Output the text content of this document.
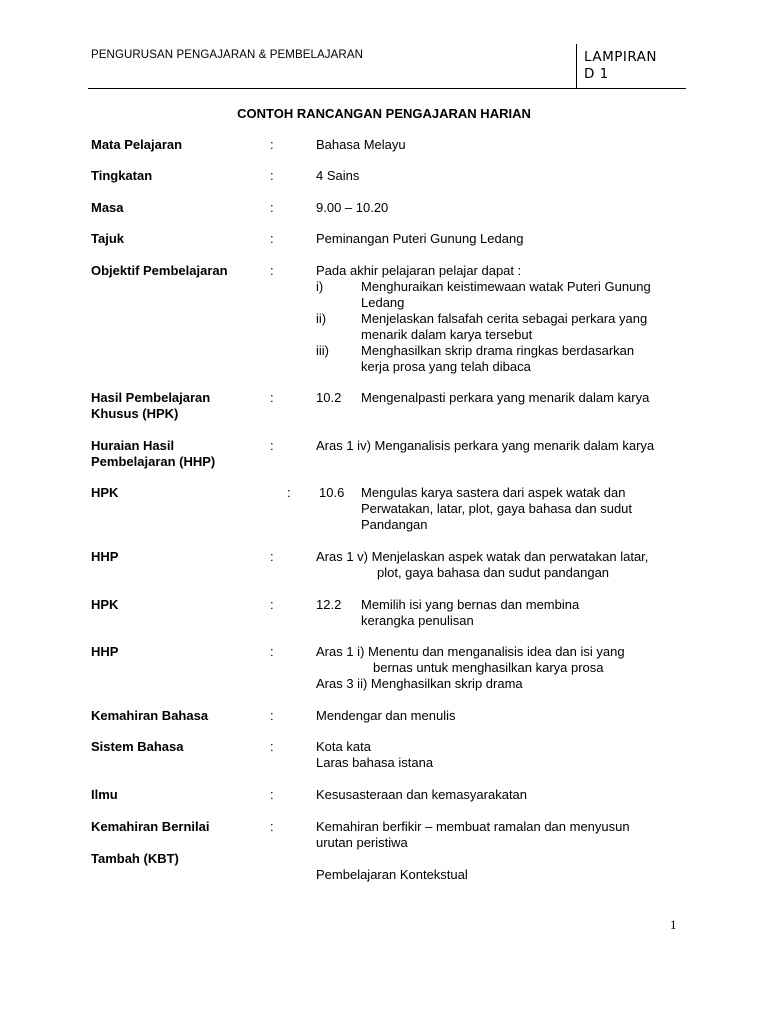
PENGURUSAN PENGAJARAN & PEMBELAJARAN	LAMPIRAN
D 1
CONTOH RANCANGAN PENGAJARAN HARIAN
Mata Pelajaran	:	Bahasa Melayu
Tingkatan	:	4 Sains
Masa	:	9.00 – 10.20
Tajuk	:	Peminangan Puteri Gunung Ledang
Objektif Pembelajaran	:	Pada akhir pelajaran pelajar dapat :
i)	Menghuraikan keistimewaan watak Puteri Gunung
Ledang
ii)	Menjelaskan falsafah cerita sebagai perkara yang
menarik dalam karya tersebut
iii) Menghasilkan skrip drama ringkas berdasarkan
kerja prosa yang telah dibaca
Hasil Pembelajaran
Khusus (HPK)
:	10.2 Mengenalpasti perkara yang menarik dalam karya
Huraian Hasil
Pembelajaran (HHP)
:	Aras 1 iv) Menganalisis perkara yang menarik dalam karya
HPK	: 10.6 Mengulas karya sastera dari aspek watak dan
Perwatakan, latar, plot, gaya bahasa dan sudut
Pandangan
HHP	:	Aras 1 v) Menjelaskan aspek watak dan perwatakan latar,
plot, gaya bahasa dan sudut pandangan
HPK	:	12.2 Memilih isi yang bernas dan membina
kerangka penulisan
HHP	:	Aras 1 i) Menentu dan menganalisis idea dan isi yang
bernas untuk menghasilkan karya prosa
Aras 3 ii) Menghasilkan skrip drama
Kemahiran Bahasa	:	Mendengar dan menulis
Sistem Bahasa	:	Kota kata
Laras bahasa istana
Ilmu	:	Kesusasteraan dan kemasyarakatan
Kemahiran Bernilai
Tambah (KBT)
:	Kemahiran berfikir – membuat ramalan dan menyusun
urutan peristiwa
Pembelajaran Kontekstual
1
